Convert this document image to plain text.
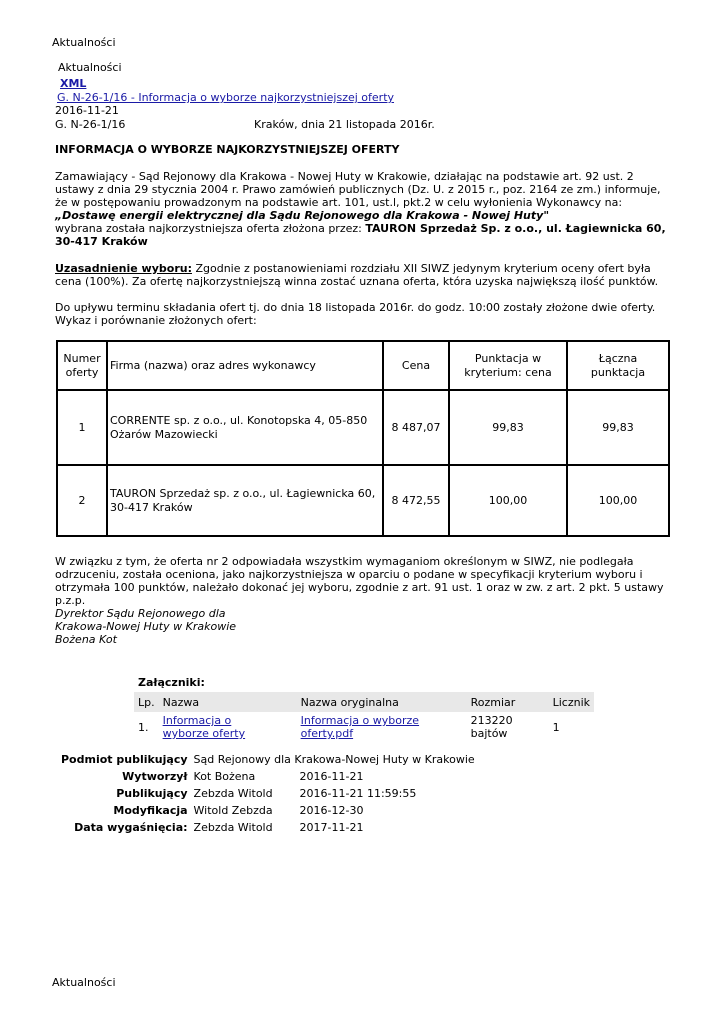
Aktualności
Aktualności
XML
G. N-26-1/16 - Informacja o wyborze najkorzystniejszej oferty
2016-11-21
G. N-26-1/16	Kraków, dnia 21 listopada 2016r.
INFORMACJA O WYBORZE NAJKORZYSTNIEJSZEJ OFERTY
Zamawiający - Sąd Rejonowy dla Krakowa - Nowej Huty w Krakowie, działając na podstawie art. 92 ust. 2 ustawy z dnia 29 stycznia 2004 r. Prawo zamówień publicznych (Dz. U. z 2015 r., poz. 2164 ze zm.) informuje, że w postępowaniu prowadzonym na podstawie art. 101, ust.l, pkt.2 w celu wyłonienia Wykonawcy na:
„Dostawę energii elektrycznej dla Sądu Rejonowego dla Krakowa - Nowej Huty"
wybrana została najkorzystniejsza oferta złożona przez: TAURON Sprzedaż Sp. z o.o., ul. Łagiewnicka 60, 30-417 Kraków
Uzasadnienie wyboru: Zgodnie z postanowieniami rozdziału XII SIWZ jedynym kryterium oceny ofert była cena (100%). Za ofertę najkorzystniejszą winna zostać uznana oferta, która uzyska największą ilość punktów.
Do upływu terminu składania ofert tj. do dnia 18 listopada 2016r. do godz. 10:00 zostały złożone dwie oferty.
Wykaz i porównanie złożonych ofert:
Numer oferty	Firma (nazwa) oraz adres wykonawcy	Cena	Punktacja w kryterium: cena	Łączna punktacja
1	CORRENTE sp. z o.o., ul. Konotopska 4, 05-850 Ożarów Mazowiecki	8 487,07	99,83	99,83
2	TAURON Sprzedaż sp. z o.o., ul. Łagiewnicka 60, 30-417 Kraków	8 472,55	100,00	100,00
W związku z tym, że oferta nr 2 odpowiadała wszystkim wymaganiom określonym w SIWZ, nie podlegała odrzuceniu, została oceniona, jako najkorzystniejsza w oparciu o podane w specyfikacji kryterium wyboru i otrzymała 100 punktów, należało dokonać jej wyboru, zgodnie z art. 91 ust. 1 oraz w zw. z art. 2 pkt. 5 ustawy p.z.p.
Dyrektor Sądu Rejonowego dla
Krakowa-Nowej Huty w Krakowie
Bożena Kot
Załączniki:
Lp.	Nazwa	Nazwa oryginalna	Rozmiar	Licznik
1.	Informacja o wyborze oferty	Informacja o wyborze oferty.pdf	213220 bajtów	1
Podmiot publikujący	Sąd Rejonowy dla Krakowa-Nowej Huty w Krakowie	
Wytworzył	Kot Bożena	2016-11-21
Publikujący	Zebzda Witold	2016-11-21 11:59:55
Modyfikacja	Witold Zebzda	2016-12-30
Data wygaśnięcia:	Zebzda Witold	2017-11-21
Aktualności
